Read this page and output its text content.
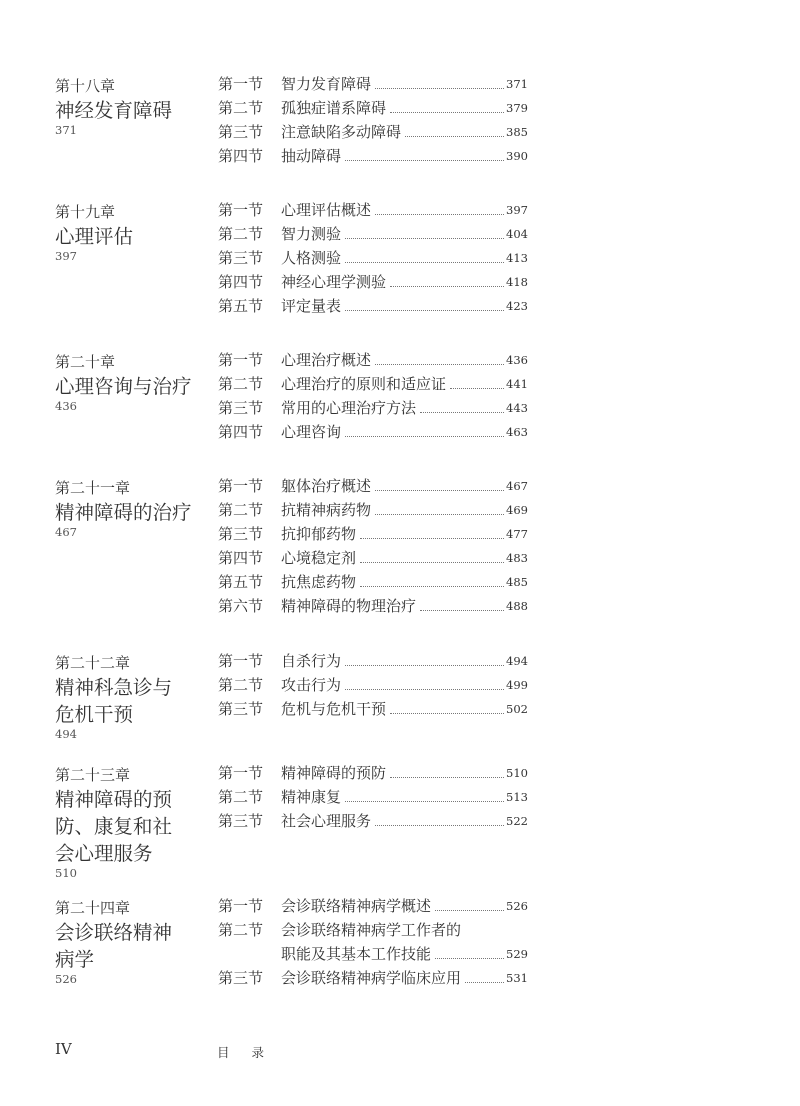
第十八章
神经发育障碍
371
第一节 智力发育障碍	371
第二节 孤独症谱系障碍	379
第三节 注意缺陷多动障碍	385
第四节 抽动障碍	390
第十九章
心理评估
397
第一节 心理评估概述	397
第二节 智力测验	404
第三节 人格测验	413
第四节 神经心理学测验	418
第五节 评定量表	423
第二十章
心理咨询与治疗
436
第一节 心理治疗概述	436
第二节 心理治疗的原则和适应证	441
第三节 常用的心理治疗方法	443
第四节 心理咨询	463
第二十一章
精神障碍的治疗
467
第一节 躯体治疗概述	467
第二节 抗精神病药物	469
第三节 抗抑郁药物	477
第四节 心境稳定剂	483
第五节 抗焦虑药物	485
第六节 精神障碍的物理治疗	488
第二十二章
精神科急诊与
危机干预
494
第一节 自杀行为	494
第二节 攻击行为	499
第三节 危机与危机干预	502
第二十三章
精神障碍的预
防、康复和社
会心理服务
510
第一节 精神障碍的预防	510
第二节 精神康复	513
第三节 社会心理服务	522
第二十四章
会诊联络精神
病学
526
第一节 会诊联络精神病学概述	526
第二节 会诊联络精神病学工作者的
职能及其基本工作技能	529
第三节 会诊联络精神病学临床应用	531
IV	目 录
